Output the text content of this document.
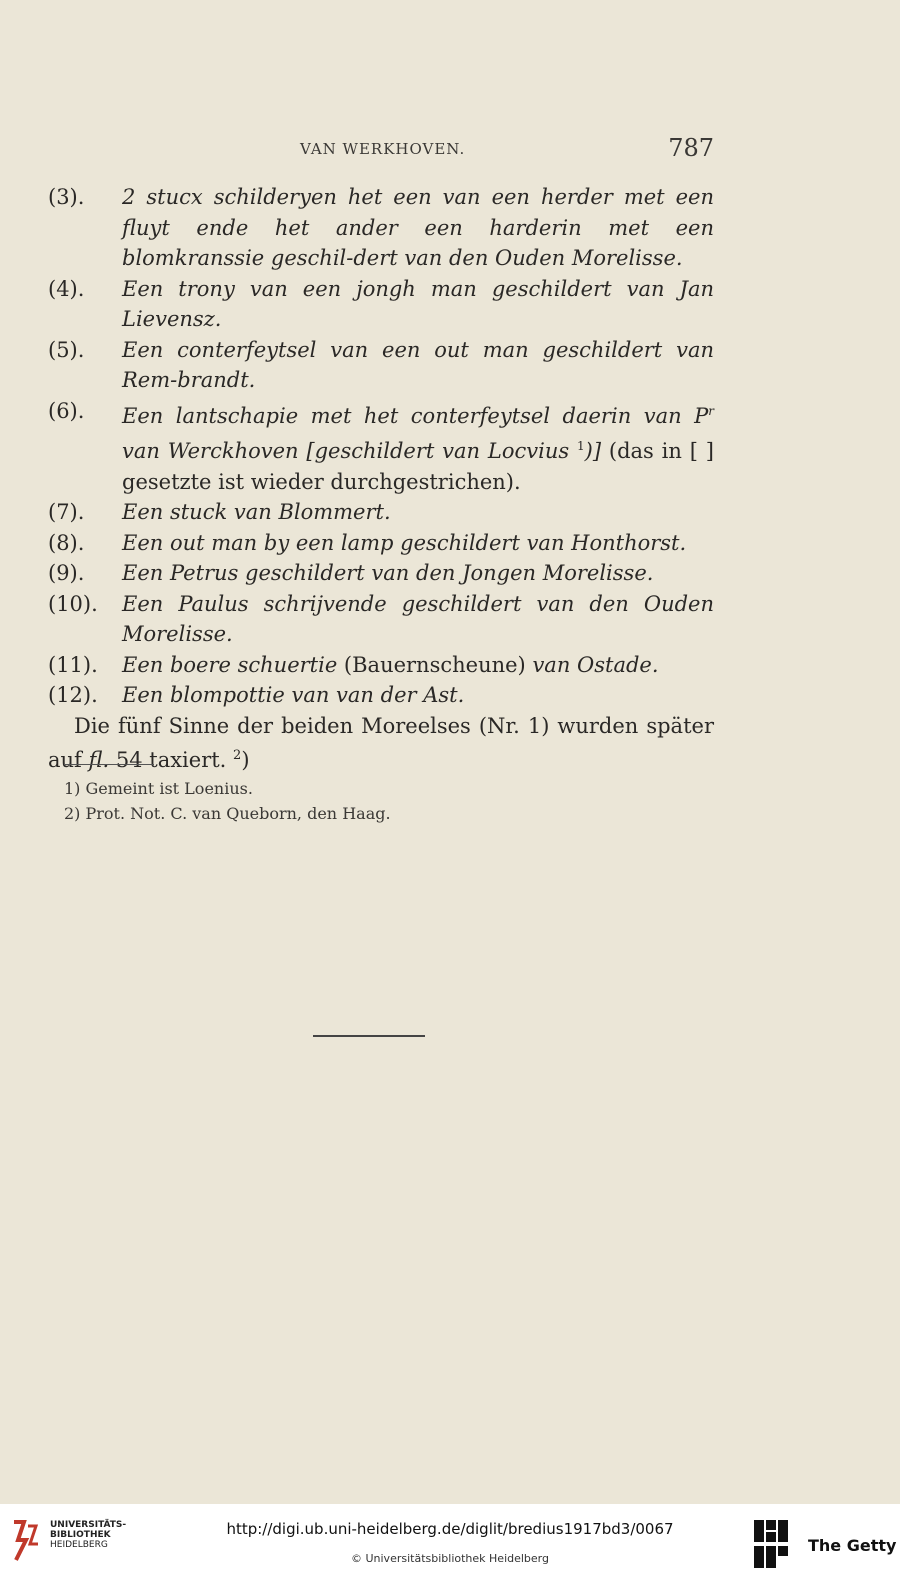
VAN WERKHOVEN.	787
(3).	2 stucx schilderyen het een van een herder met een fluyt ende het ander een harderin met een blomkranssie geschil-dert van den Ouden Morelisse.
(4).	Een trony van een jongh man geschildert van Jan Lievensz.
(5).	Een conterfeytsel van een out man geschildert van Rem-brandt.
(6).	Een lantschapie met het conterfeytsel daerin van $P^r$ van Werckhoven [geschildert van Locvius $^1$)] (das in [ ] gesetzte ist wieder durchgestrichen).
(7).	Een stuck van Blommert.
(8).	Een out man by een lamp geschildert van Honthorst.
(9).	Een Petrus geschildert van den Jongen Morelisse.
(10).	Een Paulus schrijvende geschildert van den Ouden Morelisse.
(11).	Een boere schuertie (Bauernscheune) van Ostade.
(12).	Een blompottie van van der Ast.

Die fünf Sinne der beiden Moreelses (Nr. 1) wurden später auf fl. 54 taxiert. $^2$)

1) Gemeint ist Loenius.
2) Prot. Not. C. van Queborn, den Haag.
UNIVERSITÄTS-
BIBLIOTHEK
HEIDELBERG
http://digi.ub.uni-heidelberg.de/diglit/bredius1917bd3/0067
© Universitätsbibliothek Heidelberg
The Getty
